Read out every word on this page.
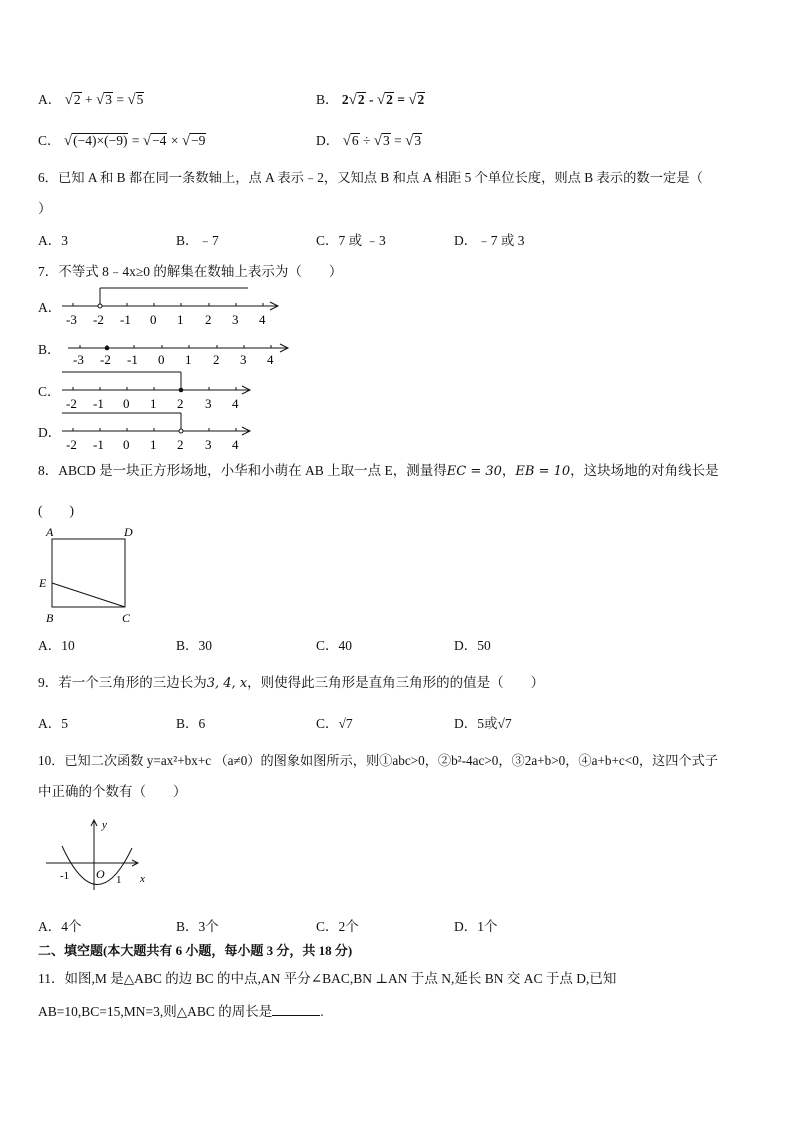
A． √2 + √3 = √5	B． 2√2 - √2 = √2
C． √(−4)×(−9) = √−4 × √−9	D． √6 ÷ √3 = √3
6．已知 A 和 B 都在同一条数轴上，点 A 表示﹣2，又知点 B 和点 A 相距 5 个单位长度，则点 B 表示的数一定是（
）
A．3	B．﹣7	C．7 或 ﹣3	D．﹣7 或 3
7．不等式 8﹣4x≥0 的解集在数轴上表示为（　　）
A．
-3 -2 -1 0 1 2 3 4
B．
-3 -2 -1 0 1 2 3 4
C．
-2 -1 0 1 2 3 4
D．
-2 -1 0 1 2 3 4
8．ABCD 是一块正方形场地，小华和小萌在 AB 上取一点 E，测量得EC = 30，EB = 10，这块场地的对角线长是
(　　)
A	D
E
B	C
A．10	B．30	C．40	D．50
9．若一个三角形的三边长为3, 4, x，则使得此三角形是直角三角形的的值是（　　）
A．5	B．6	C．√7	D．5或√7
10．已知二次函数 y=ax²+bx+c （a≠0）的图象如图所示，则①abc>0，②b²-4ac>0，③2a+b>0，④a+b+c<0，这四个式子
中正确的个数有（　　）
y
-1 O 1 x
A．4个	B．3个	C．2个	D．1个
二、填空题(本大题共有 6 小题，每小题 3 分，共 18 分)
11．如图,M 是△ABC 的边 BC 的中点,AN 平分∠BAC,BN ⊥AN 于点 N,延长 BN 交 AC 于点 D,已知
AB=10,BC=15,MN=3,则△ABC 的周长是	.
